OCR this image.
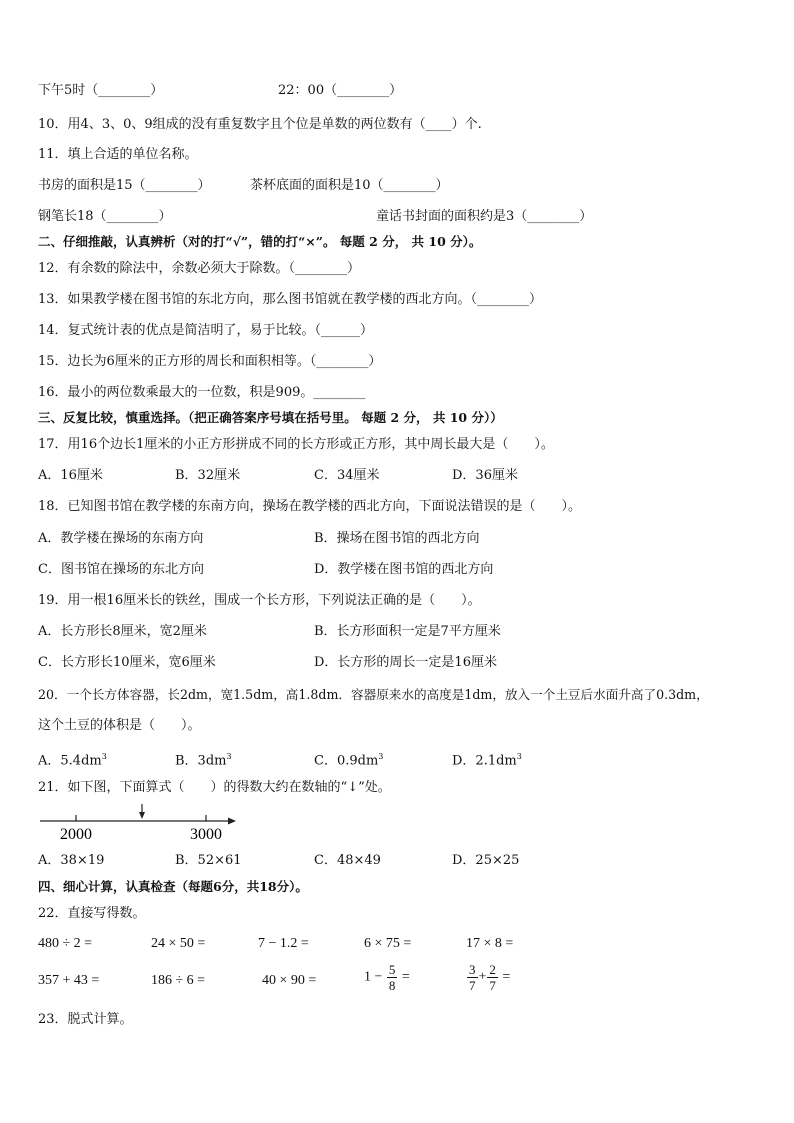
下午5时（________）	22：00（________）
10．用4、3、0、9组成的没有重复数字且个位是单数的两位数有（____）个.
11．填上合适的单位名称。
书房的面积是15（________）	茶杯底面的面积是10（________）
钢笔长18（________）	童话书封面的面积约是3（________）
二、仔细推敲，认真辨析（对的打“√”，错的打“×”。 每题 2 分， 共 10 分）。
12．有余数的除法中，余数必须大于除数。（________）
13．如果教学楼在图书馆的东北方向，那么图书馆就在教学楼的西北方向。（________）
14．复式统计表的优点是简洁明了，易于比较。（______）
15．边长为6厘米的正方形的周长和面积相等。（________）
16．最小的两位数乘最大的一位数，积是909。________
三、反复比较，慎重选择。（把正确答案序号填在括号里。 每题 2 分， 共 10 分））
17．用16个边长1厘米的小正方形拼成不同的长方形或正方形，其中周长最大是（　　）。
A．16厘米	B．32厘米	C．34厘米	D．36厘米
18．已知图书馆在教学楼的东南方向，操场在教学楼的西北方向，下面说法错误的是（　　）。
A．教学楼在操场的东南方向	B．操场在图书馆的西北方向
C．图书馆在操场的东北方向	D．教学楼在图书馆的西北方向
19．用一根16厘米长的铁丝，围成一个长方形，下列说法正确的是（　　）。
A．长方形长8厘米，宽2厘米	B．长方形面积一定是7平方厘米
C．长方形长10厘米，宽6厘米	D．长方形的周长一定是16厘米
20．一个长方体容器，长2dm，宽1.5dm，高1.8dm．容器原来水的高度是1dm，放入一个土豆后水面升高了0.3dm，
这个土豆的体积是（　　）。
A．$5.4dm^3$	B．$3dm^3$	C．$0.9dm^3$	D．$2.1dm^3$
21．如下图，下面算式（　　）的得数大约在数轴的“↓”处。
2000	3000
A．38×19	B．52×61	C．48×49	D．25×25
四、细心计算，认真检查（每题6分，共18分）。
22．直接写得数。
480 ÷ 2 =	24 × 50 =	7 − 1.2 =	6 × 75 =	17 × 8 =
357 + 43 =	186 ÷ 6 =	40 × 90 =	$1 - \frac{5}{8}$ =	$\frac{3}{7} + \frac{2}{7}$ =
23．脱式计算。
